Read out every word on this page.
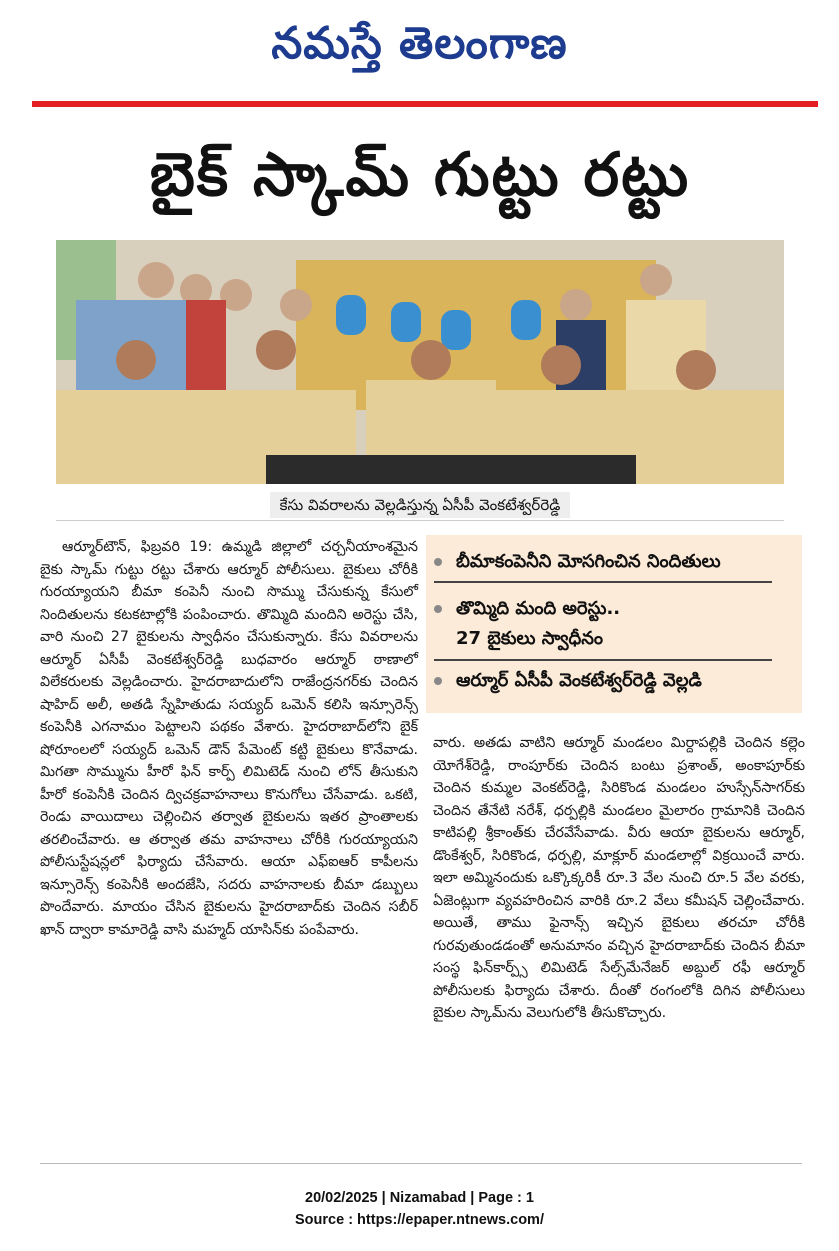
నమస్తే తెలంగాణ
బైక్ స్కామ్ గుట్టు రట్టు
కేసు వివరాలను వెల్లడిస్తున్న ఏసీపీ వెంకటేశ్వర్‌రెడ్డి

ఆర్మూర్‌టౌన్, ఫిబ్రవరి 19: ఉమ్మడి జిల్లాలో చర్చనీయాంశమైన బైకు స్కామ్ గుట్టు రట్టు చేశారు ఆర్మూర్ పోలీసులు. బైకులు చోరీకి గురయ్యాయని బీమా కంపెనీ నుంచి సొమ్ము చేసుకున్న కేసులో నిందితులను కటకటాల్లోకి పంపించారు. తొమ్మిది మందిని అరెస్టు చేసి, వారి నుంచి 27 బైకులను స్వాధీనం చేసుకున్నారు. కేసు వివరాలను ఆర్మూర్ ఏసీపీ వెంకటేశ్వర్‌రెడ్డి బుధవారం ఆర్మూర్ ఠాణాలో విలేకరులకు వెల్లడించారు. హైదరాబాదులోని రాజేంద్రనగర్‌కు చెందిన షాహిద్ అలీ, అతడి స్నేహితుడు సయ్యద్ ఒమెన్ కలిసి ఇన్సూరెన్స్ కంపెనీకి ఎగనామం పెట్టాలని పథకం వేశారు. హైదరాబాద్‌లోని బైక్ షోరూంలలో సయ్యద్ ఒమెన్ డౌన్ పేమెంట్ కట్టి బైకులు కొనేవాడు. మిగతా సొమ్మును హీరో ఫిన్ కార్ప్ లిమిటెడ్ నుంచి లోన్ తీసుకుని హీరో కంపెనీకి చెందిన ద్విచక్రవాహనాలు కొనుగోలు చేసేవాడు. ఒకటి, రెండు వాయిదాలు చెల్లించిన తర్వాత బైకులను ఇతర ప్రాంతాలకు తరలించేవారు. ఆ తర్వాత తమ వాహనాలు చోరీకి గురయ్యాయని పోలీసుస్టేషన్లలో ఫిర్యాదు చేసేవారు. ఆయా ఎఫ్ఐఆర్ కాపీలను ఇన్సూరెన్స్ కంపెనీకి అందజేసి, సదరు వాహనాలకు బీమా డబ్బులు పొందేవారు. మాయం చేసిన బైకులను హైదరాబాద్‌కు చెందిన సబీర్ ఖాన్ ద్వారా కామారెడ్డి వాసి మహ్మద్ యాసిన్‌కు పంపేవారు.

బీమాకంపెనీని మోసగించిన నిందితులు
తొమ్మిది మంది అరెస్టు..
27 బైకులు స్వాధీనం
ఆర్మూర్ ఏసీపీ వెంకటేశ్వర్‌రెడ్డి వెల్లడి

వారు. అతడు వాటిని ఆర్మూర్ మండలం మిర్దాపల్లికి చెందిన కల్లెం యోగేశ్‌రెడ్డి, రాంపూర్‌కు చెందిన బంటు ప్రశాంత్, అంకాపూర్‌కు చెందిన కుమ్మల వెంకట్‌రెడ్డి, సిరికొండ మండలం హుస్సేన్‌సాగర్‌కు చెందిన తేనేటి నరేశ్, ధర్పల్లికి మండలం మైలారం గ్రామానికి చెందిన కాటిపల్లి శ్రీకాంత్‌కు చేరవేసేవాడు. వీరు ఆయా బైకులను ఆర్మూర్, డొంకేశ్వర్, సిరికొండ, ధర్పల్లి, మాక్లూర్ మండలాల్లో విక్రయించే వారు. ఇలా అమ్మినందుకు ఒక్కొక్కరికీ రూ.3 వేల నుంచి రూ.5 వేల వరకు, ఏజెంట్లుగా వ్యవహరించిన వారికి రూ.2 వేలు కమీషన్ చెల్లించేవారు. అయితే, తాము ఫైనాన్స్ ఇచ్చిన బైకులు తరచూ చోరీకి గురవుతుండడంతో అనుమానం వచ్చిన హైదరాబాద్‌కు చెందిన బీమా సంస్థ ఫిన్‌కార్ప్స్ లిమిటెడ్ సేల్స్‌మేనేజర్ అబ్దుల్ రఫీ ఆర్మూర్ పోలీసులకు ఫిర్యాదు చేశారు. దీంతో రంగంలోకి దిగిన పోలీసులు బైకుల స్కామ్‌ను వెలుగులోకి తీసుకొచ్చారు.

20/02/2025 | Nizamabad | Page : 1
Source : https://epaper.ntnews.com/
